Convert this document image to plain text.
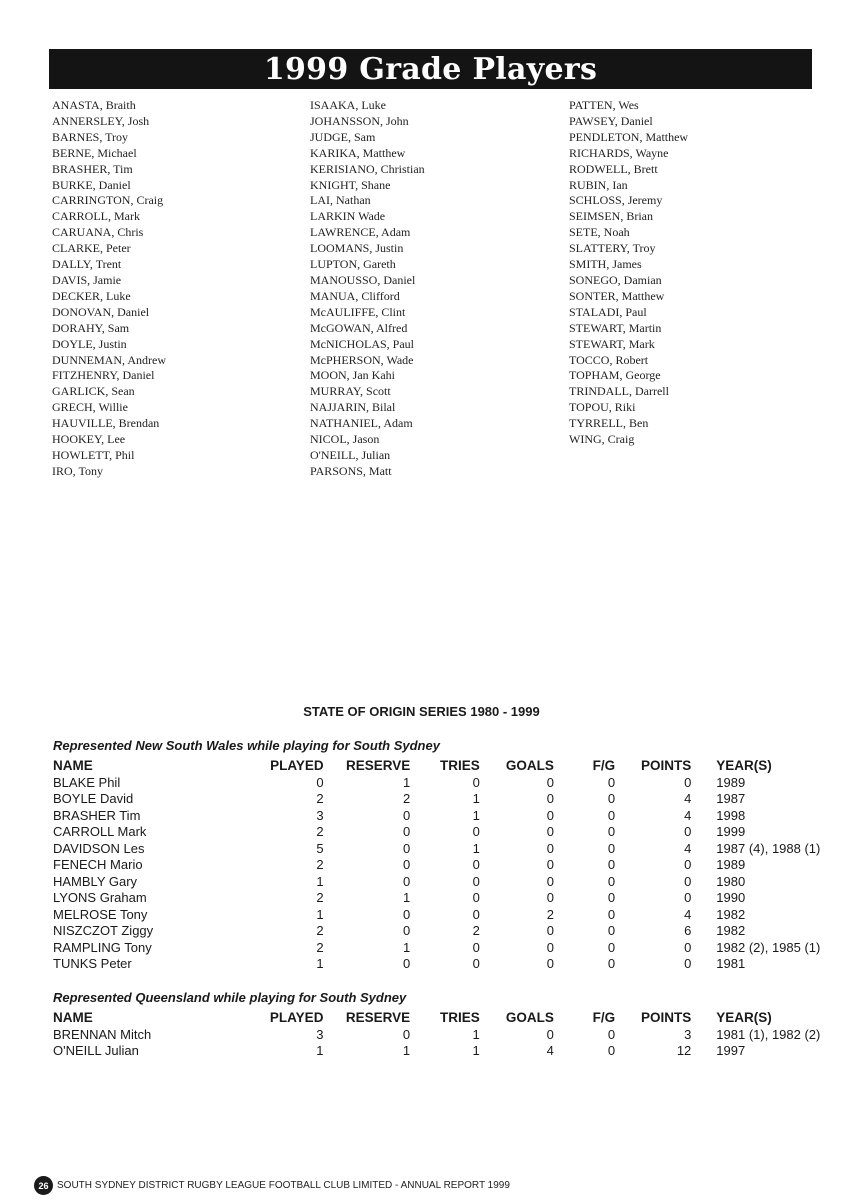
1999 Grade Players
ANASTA, Braith
ANNERSLEY, Josh
BARNES, Troy
BERNE, Michael
BRASHER, Tim
BURKE, Daniel
CARRINGTON, Craig
CARROLL, Mark
CARUANA, Chris
CLARKE, Peter
DALLY, Trent
DAVIS, Jamie
DECKER, Luke
DONOVAN, Daniel
DORAHY, Sam
DOYLE, Justin
DUNNEMAN, Andrew
FITZHENRY, Daniel
GARLICK, Sean
GRECH, Willie
HAUVILLE, Brendan
HOOKEY, Lee
HOWLETT, Phil
IRO, Tony
ISAAKA, Luke
JOHANSSON, John
JUDGE, Sam
KARIKA, Matthew
KERISIANO, Christian
KNIGHT, Shane
LAI, Nathan
LARKIN Wade
LAWRENCE, Adam
LOOMANS, Justin
LUPTON, Gareth
MANOUSSO, Daniel
MANUA, Clifford
McAULIFFE, Clint
McGOWAN, Alfred
McNICHOLAS, Paul
McPHERSON, Wade
MOON, Jan Kahi
MURRAY, Scott
NAJJARIN, Bilal
NATHANIEL, Adam
NICOL, Jason
O'NEILL, Julian
PARSONS, Matt
PATTEN, Wes
PAWSEY, Daniel
PENDLETON, Matthew
RICHARDS, Wayne
RODWELL, Brett
RUBIN, Ian
SCHLOSS, Jeremy
SEIMSEN, Brian
SETE, Noah
SLATTERY, Troy
SMITH, James
SONEGO, Damian
SONTER, Matthew
STALADI, Paul
STEWART, Martin
STEWART, Mark
TOCCO, Robert
TOPHAM, George
TRINDALL, Darrell
TOPOU, Riki
TYRRELL, Ben
WING, Craig
STATE OF ORIGIN SERIES 1980 - 1999
Represented New South Wales while playing for South Sydney
NAME	PLAYED	RESERVE	TRIES	GOALS	F/G	POINTS	YEAR(S)
BLAKE Phil	0	1	0	0	0	0	1989
BOYLE David	2	2	1	0	0	4	1987
BRASHER Tim	3	0	1	0	0	4	1998
CARROLL Mark	2	0	0	0	0	0	1999
DAVIDSON Les	5	0	1	0	0	4	1987 (4), 1988 (1)
FENECH Mario	2	0	0	0	0	0	1989
HAMBLY Gary	1	0	0	0	0	0	1980
LYONS Graham	2	1	0	0	0	0	1990
MELROSE Tony	1	0	0	2	0	4	1982
NISZCZOT Ziggy	2	0	2	0	0	6	1982
RAMPLING Tony	2	1	0	0	0	0	1982 (2), 1985 (1)
TUNKS Peter	1	0	0	0	0	0	1981
Represented Queensland while playing for South Sydney
NAME	PLAYED	RESERVE	TRIES	GOALS	F/G	POINTS	YEAR(S)
BRENNAN Mitch	3	0	1	0	0	3	1981 (1), 1982 (2)
O'NEILL Julian	1	1	1	4	0	12	1997
26 SOUTH SYDNEY DISTRICT RUGBY LEAGUE FOOTBALL CLUB LIMITED - ANNUAL REPORT 1999
